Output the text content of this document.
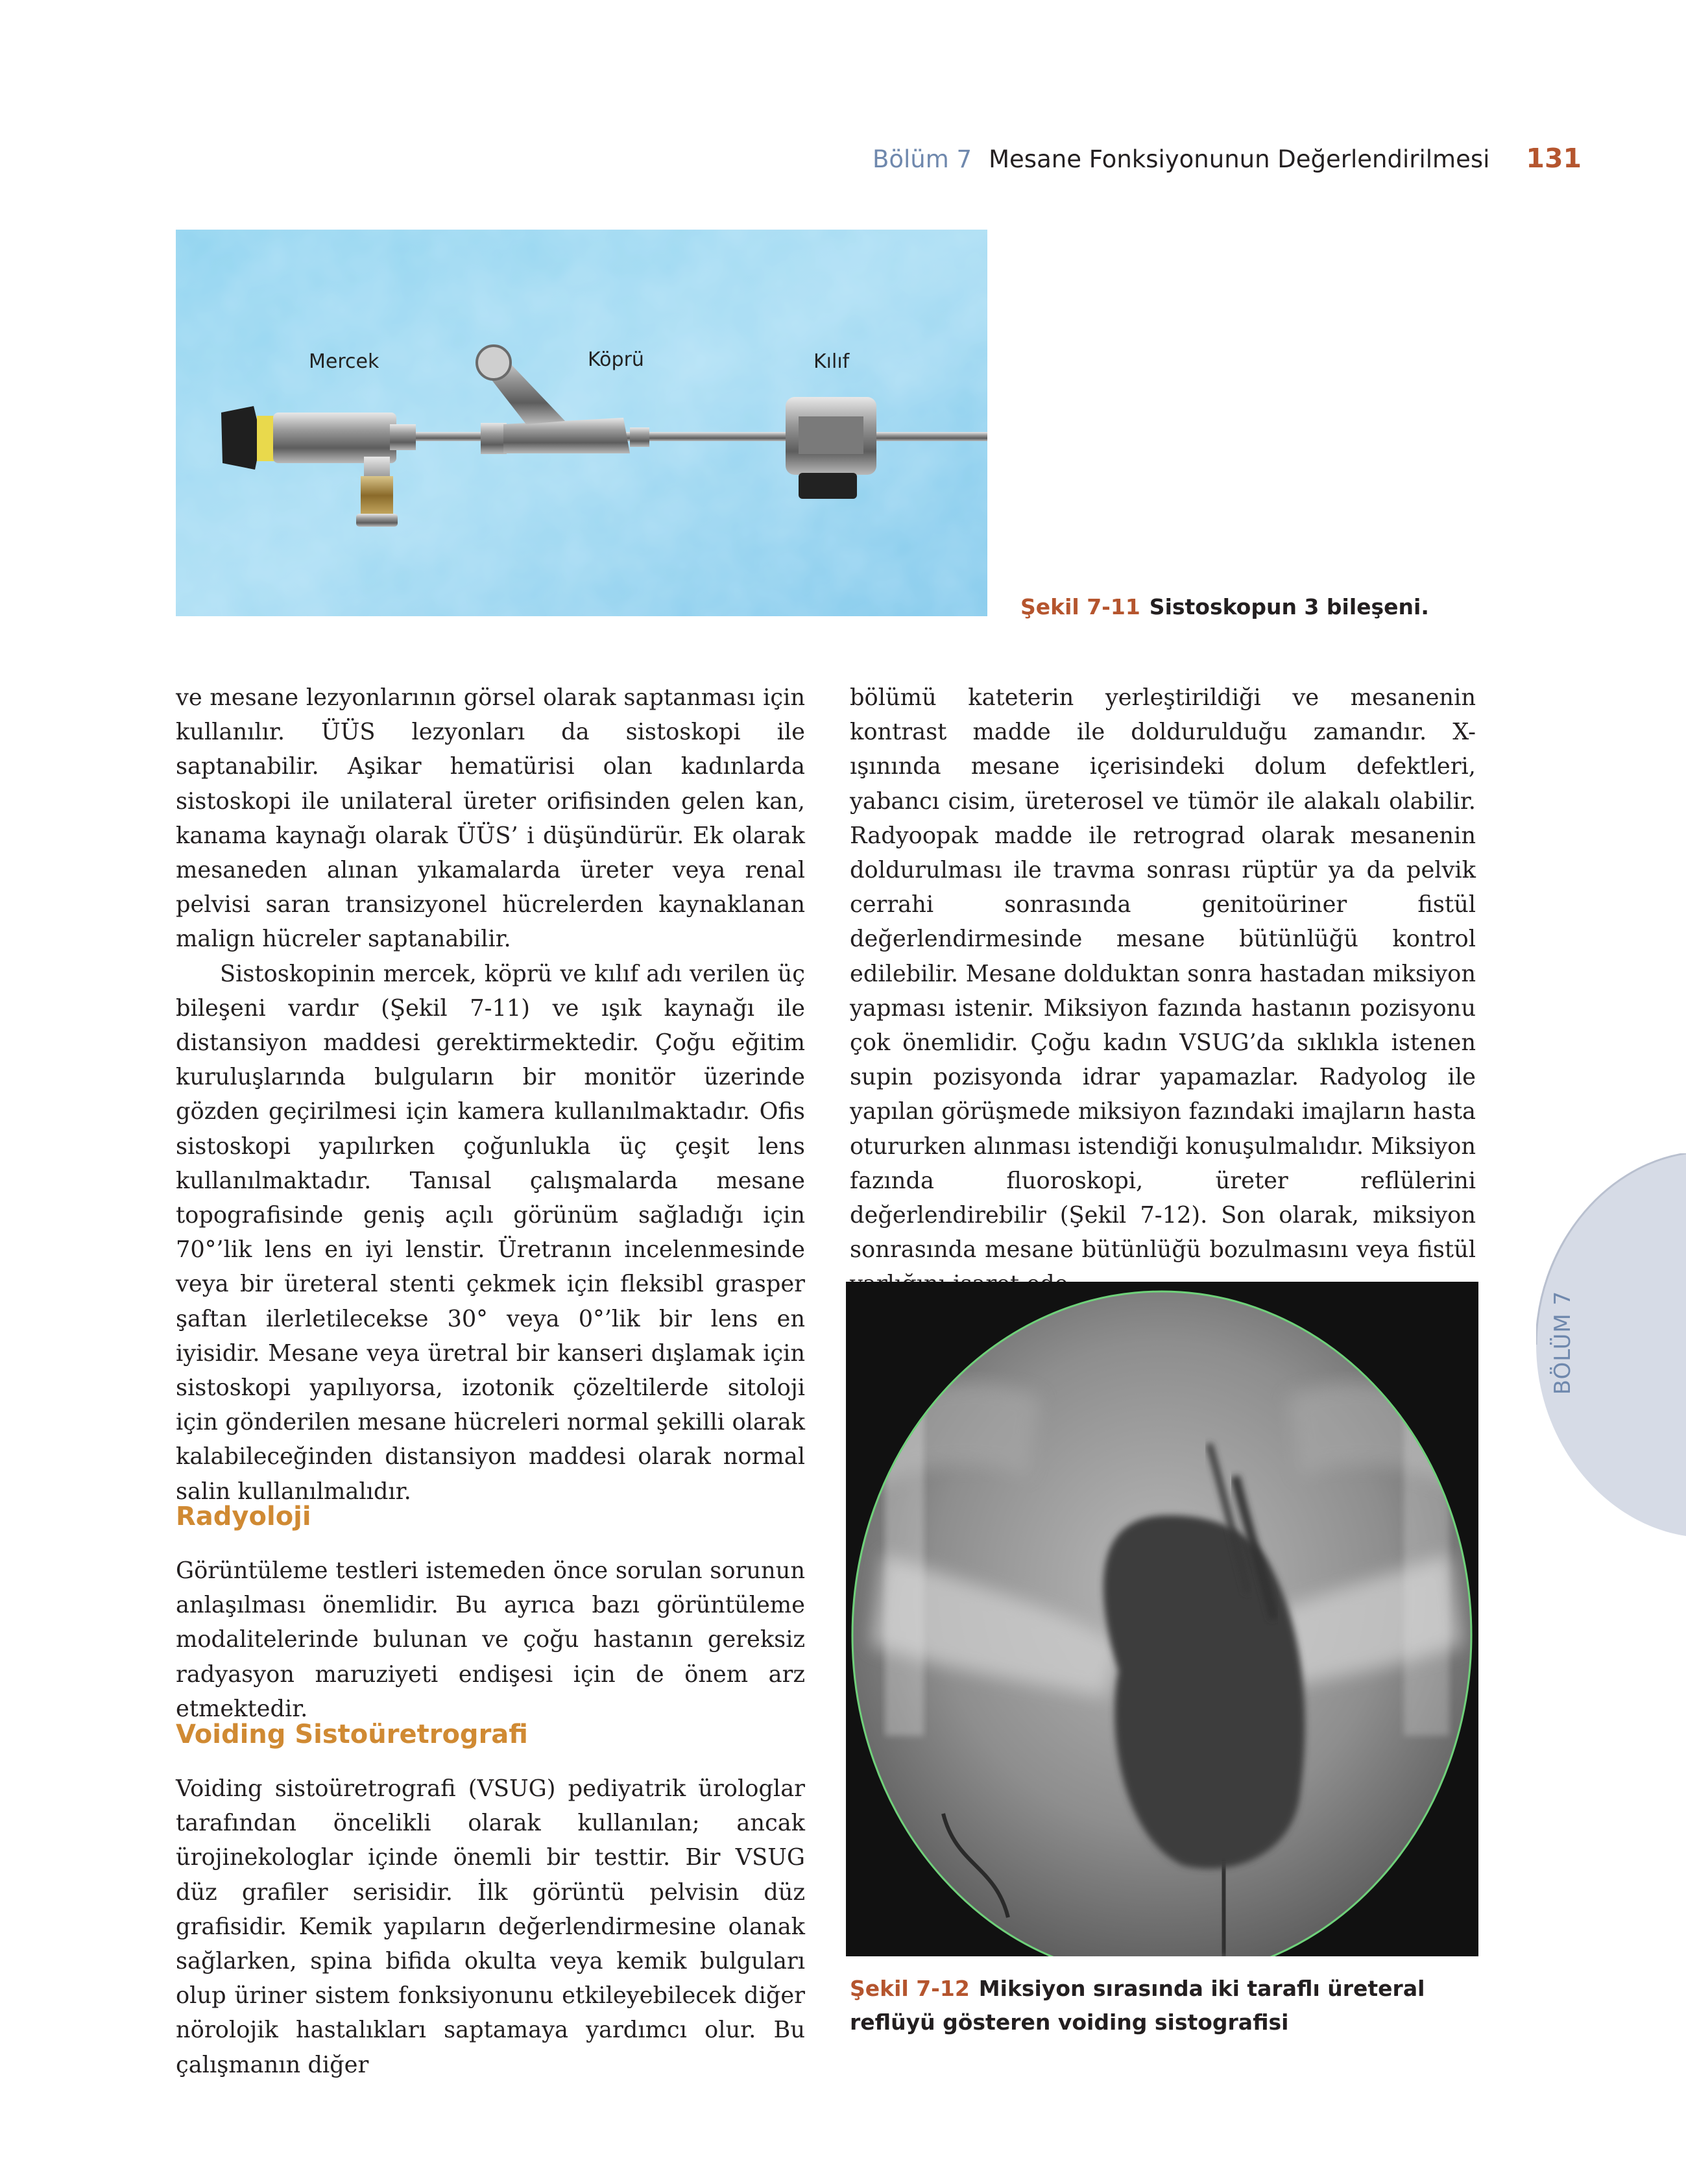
Bölüm 7 Mesane Fonksiyonunun Değerlendirilmesi 131
Mercek	Köprü	Kılıf
Şekil 7-11 Sistoskopun 3 bileşeni.

ve mesane lezyonlarının görsel olarak saptanması için kullanılır. ÜÜS lezyonları da sistoskopi ile saptanabilir. Aşikar hematürisi olan kadınlarda sistoskopi ile unilateral üreter orifisinden gelen kan, kanama kaynağı olarak ÜÜS’ i düşündürür. Ek olarak mesaneden alınan yıkamalarda üreter veya renal pelvisi saran transizyonel hücrelerden kaynaklanan malign hücreler saptanabilir.

Sistoskopinin mercek, köprü ve kılıf adı verilen üç bileşeni vardır (Şekil 7-11) ve ışık kaynağı ile distansiyon maddesi gerektirmektedir. Çoğu eğitim kuruluşlarında bulguların bir monitör üzerinde gözden geçirilmesi için kamera kullanılmaktadır. Ofis sistoskopi yapılırken çoğunlukla üç çeşit lens kullanılmaktadır. Tanısal çalışmalarda mesane topografisinde geniş açılı görünüm sağladığı için 70°’lik lens en iyi lenstir. Üretranın incelenmesinde veya bir üreteral stenti çekmek için fleksibl grasper şaftan ilerletilecekse 30° veya 0°’lik bir lens en iyisidir. Mesane veya üretral bir kanseri dışlamak için sistoskopi yapılıyorsa, izotonik çözeltilerde sitoloji için gönderilen mesane hücreleri normal şekilli olarak kalabileceğinden distansiyon maddesi olarak normal salin kullanılmalıdır.

Radyoloji

Görüntüleme testleri istemeden önce sorulan sorunun anlaşılması önemlidir. Bu ayrıca bazı görüntüleme modalitelerinde bulunan ve çoğu hastanın gereksiz radyasyon maruziyeti endişesi için de önem arz etmektedir.

Voiding Sistoüretrografi

Voiding sistoüretrografi (VSUG) pediyatrik ürologlar tarafından öncelikli olarak kullanılan; ancak ürojinekologlar içinde önemli bir testtir. Bir VSUG düz grafiler serisidir. İlk görüntü pelvisin düz grafisidir. Kemik yapıların değerlendirmesine olanak sağlarken, spina bifida okulta veya kemik bulguları olup üriner sistem fonksiyonunu etkileyebilecek diğer nörolojik hastalıkları saptamaya yardımcı olur. Bu çalışmanın diğer

bölümü kateterin yerleştirildiği ve mesanenin kontrast madde ile doldurulduğu zamandır. X- ışınında mesane içerisindeki dolum defektleri, yabancı cisim, üreterosel ve tümör ile alakalı olabilir. Radyoopak madde ile retrograd olarak mesanenin doldurulması ile travma sonrası rüptür ya da pelvik cerrahi sonrasında genitoüriner fistül değerlendirmesinde mesane bütünlüğü kontrol edilebilir. Mesane dolduktan sonra hastadan miksiyon yapması istenir. Miksiyon fazında hastanın pozisyonu çok önemlidir. Çoğu kadın VSUG’da sıklıkla istenen supin pozisyonda idrar yapamazlar. Radyolog ile yapılan görüşmede miksiyon fazındaki imajların hasta otururken alınması istendiği konuşulmalıdır. Miksiyon fazında fluoroskopi, üreter reflülerini değerlendirebilir (Şekil 7-12). Son olarak, miksiyon sonrasında mesane bütünlüğü bozulmasını veya fistül

Şekil 7-12 Miksiyon sırasında iki taraflı üreteral reflüyü gösteren voiding sistografisi
BÖLÜM 7
